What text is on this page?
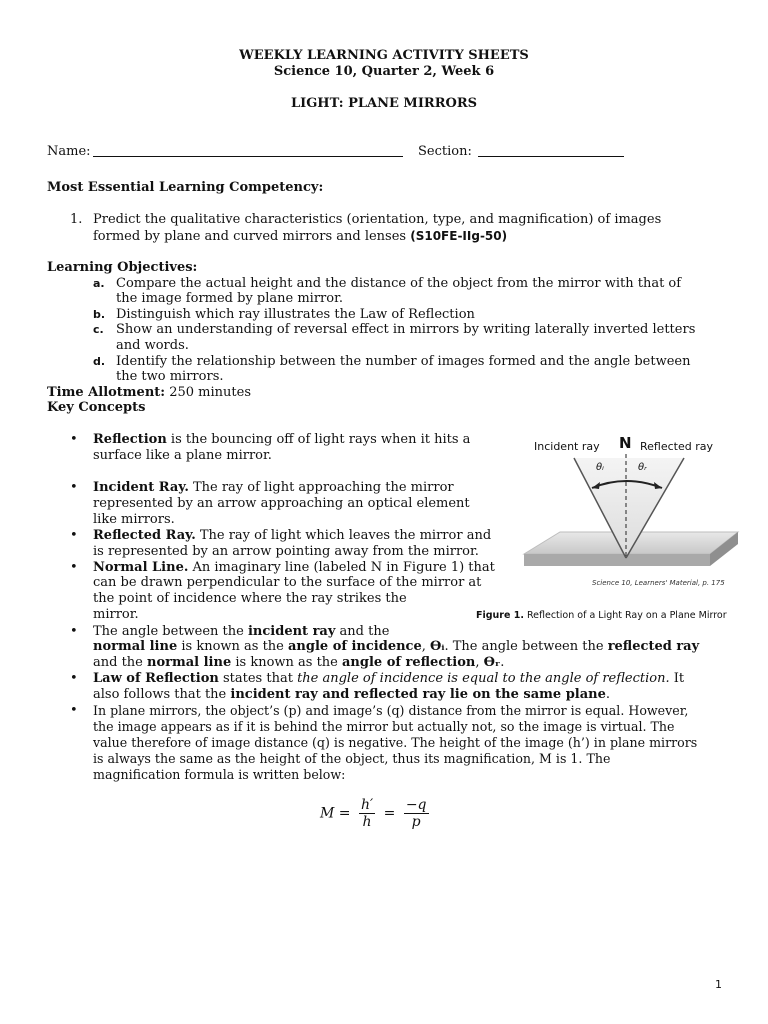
WEEKLY LEARNING ACTIVITY SHEETS
Science 10, Quarter 2, Week 6
LIGHT: PLANE MIRRORS
Name:	Section:
Most Essential Learning Competency:
1. Predict the qualitative characteristics (orientation, type, and magnification) of images
formed by plane and curved mirrors and lenses (S10FE-IIg-50)
Learning Objectives:
a. Compare the actual height and the distance of the object from the mirror with that of
the image formed by plane mirror.
b. Distinguish which ray illustrates the Law of Reflection
c. Show an understanding of reversal effect in mirrors by writing laterally inverted letters
and words.
d. Identify the relationship between the number of images formed and the angle between
the two mirrors.
Time Allotment: 250 minutes
Key Concepts
• Reflection is the bouncing off of light rays when it hits a
surface like a plane mirror.
• Incident Ray. The ray of light approaching the mirror
represented by an arrow approaching an optical element
like mirrors.
• Reflected Ray. The ray of light which leaves the mirror and
is represented by an arrow pointing away from the mirror.
• Normal Line. An imaginary line (labeled N in Figure 1) that
can be drawn perpendicular to the surface of the mirror at
the point of incidence where the ray strikes the
mirror.
• The angle between the incident ray and the
normal line is known as the angle of incidence, Ɵᵢ. The angle between the reflected ray
and the normal line is known as the angle of reflection, Ɵᵣ.
• Law of Reflection states that the angle of incidence is equal to the angle of reflection. It
also follows that the incident ray and reflected ray lie on the same plane.
• In plane mirrors, the object’s (p) and image’s (q) distance from the mirror is equal. However,
the image appears as if it is behind the mirror but actually not, so the image is virtual. The
value therefore of image distance (q) is negative. The height of the image (h’) in plane mirrors
is always the same as the height of the object, thus its magnification, M is 1. The
magnification formula is written below:
Incident ray N Reflected ray
θᵢ	θᵣ
Science 10, Learners' Material, p. 175
Figure 1. Reflection of a Light Ray on a Plane Mirror
$M = \frac{h'}{h} = \frac{-q}{p}$
1
